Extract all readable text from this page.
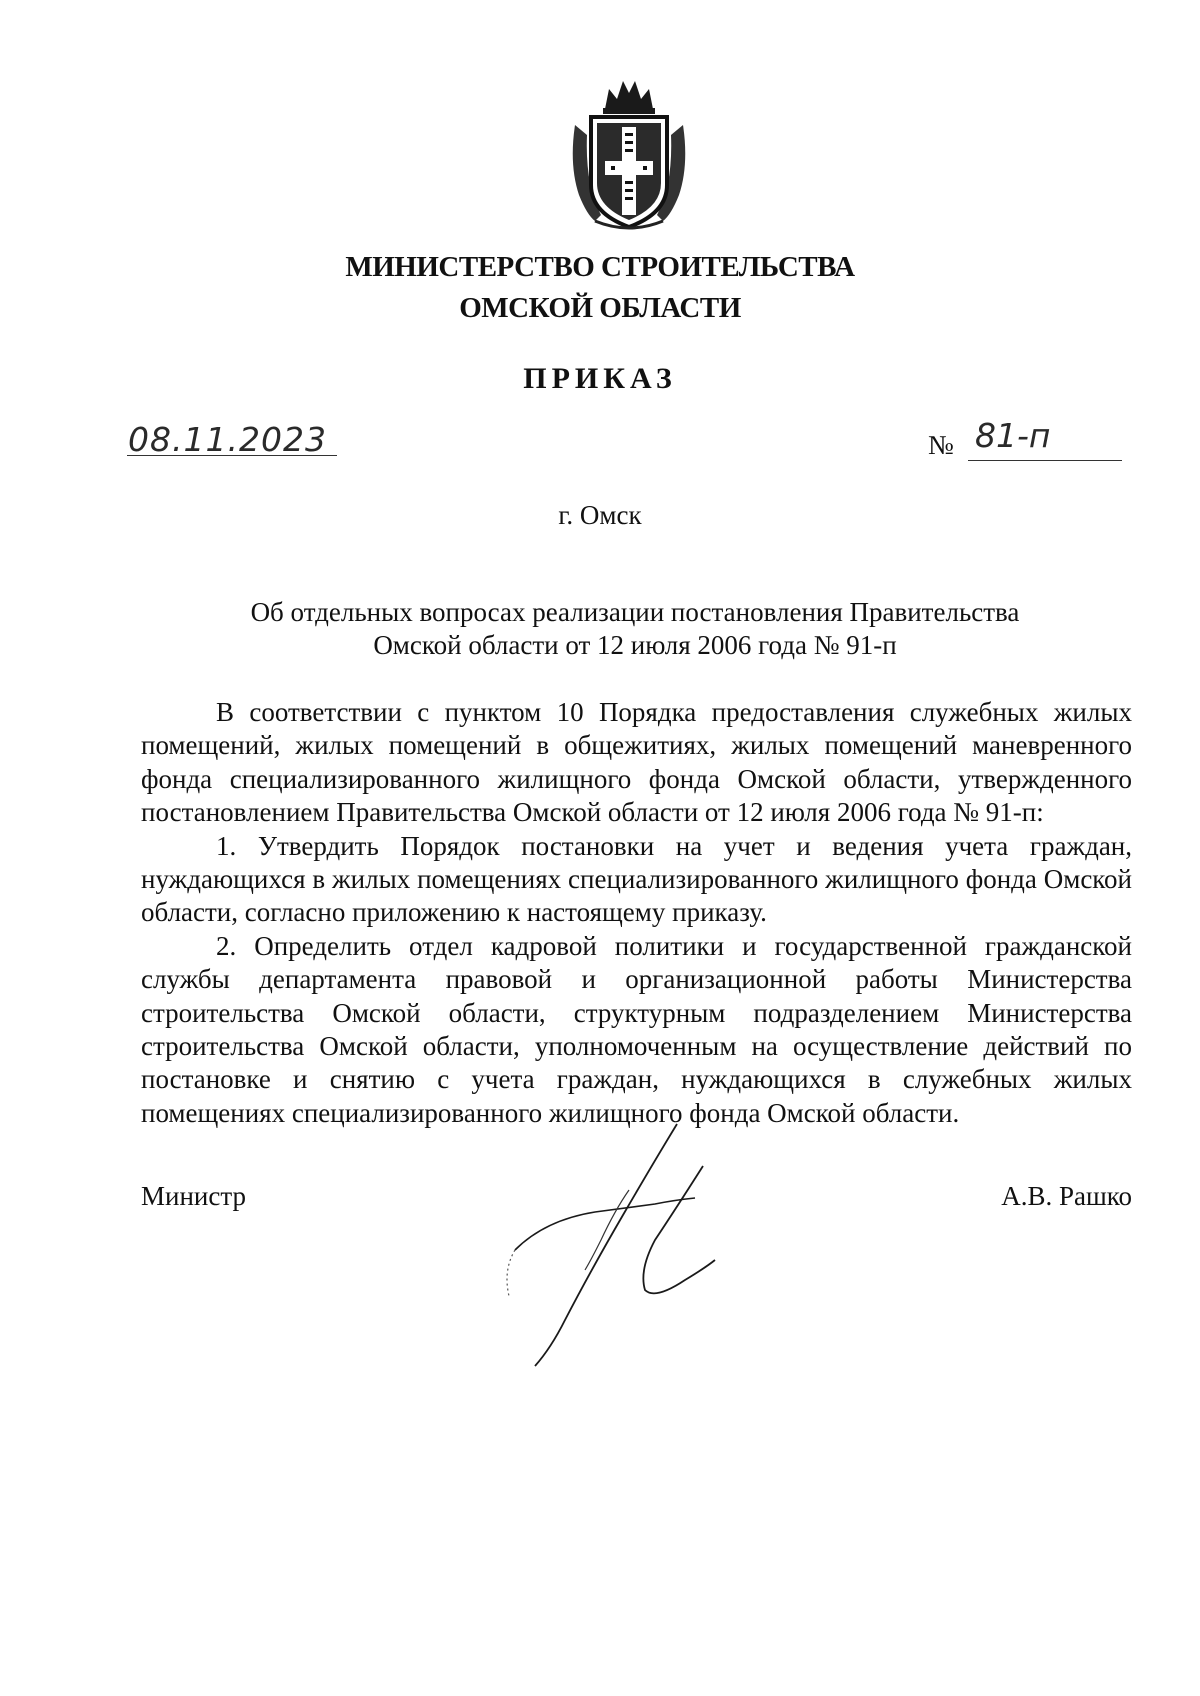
МИНИСТЕРСТВО СТРОИТЕЛЬСТВА
ОМСКОЙ ОБЛАСТИ
ПРИКАЗ
08.11.2023	№ 81-п
г. Омск
Об отдельных вопросах реализации постановления Правительства
Омской области от 12 июля 2006 года № 91-п

В соответствии с пунктом 10 Порядка предоставления служебных жилых помещений, жилых помещений в общежитиях, жилых помещений маневренного фонда специализированного жилищного фонда Омской области, утвержденного постановлением Правительства Омской области от 12 июля 2006 года № 91-п:

1. Утвердить Порядок постановки на учет и ведения учета граждан, нуждающихся в жилых помещениях специализированного жилищного фонда Омской области, согласно приложению к настоящему приказу.

2. Определить отдел кадровой политики и государственной гражданской службы департамента правовой и организационной работы Министерства строительства Омской области, структурным подразделением Министерства строительства Омской области, уполномоченным на осуществление действий по постановке и снятию с учета граждан, нуждающихся в служебных жилых помещениях специализированного жилищного фонда Омской области.

Министр	А.В. Рашко
